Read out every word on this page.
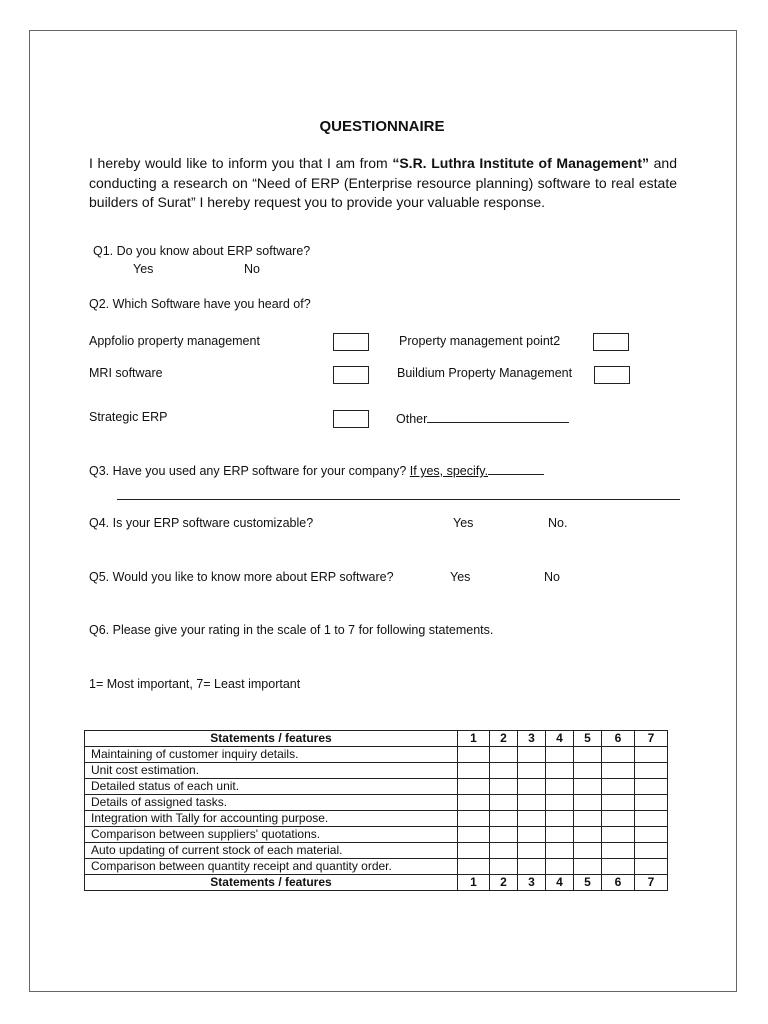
QUESTIONNAIRE
I hereby would like to inform you that I am from “S.R. Luthra Institute of Management” and conducting a research on “Need of ERP (Enterprise resource planning) software to real estate builders of Surat” I hereby request you to provide your valuable response.
Q1. Do you know about ERP software?
Yes	No
Q2. Which Software have you heard of?
Appfolio property management	Property management point2
MRI software	Buildium Property Management
Strategic ERP	Other
Q3. Have you used any ERP software for your company? If yes, specify.
Q4. Is your ERP software customizable?	Yes	No.
Q5. Would you like to know more about ERP software?	Yes	No
Q6. Please give your rating in the scale of 1 to 7 for following statements.
1= Most important, 7= Least important
Statements / features	1	2	3	4	5	6	7
Maintaining of customer inquiry details.							
Unit cost estimation.							
Detailed status of each unit.							
Details of assigned tasks.							
Integration with Tally for accounting purpose.							
Comparison between suppliers' quotations.							
Auto updating of current stock of each material.							
Comparison between quantity receipt and quantity order.							
Statements / features	1	2	3	4	5	6	7
